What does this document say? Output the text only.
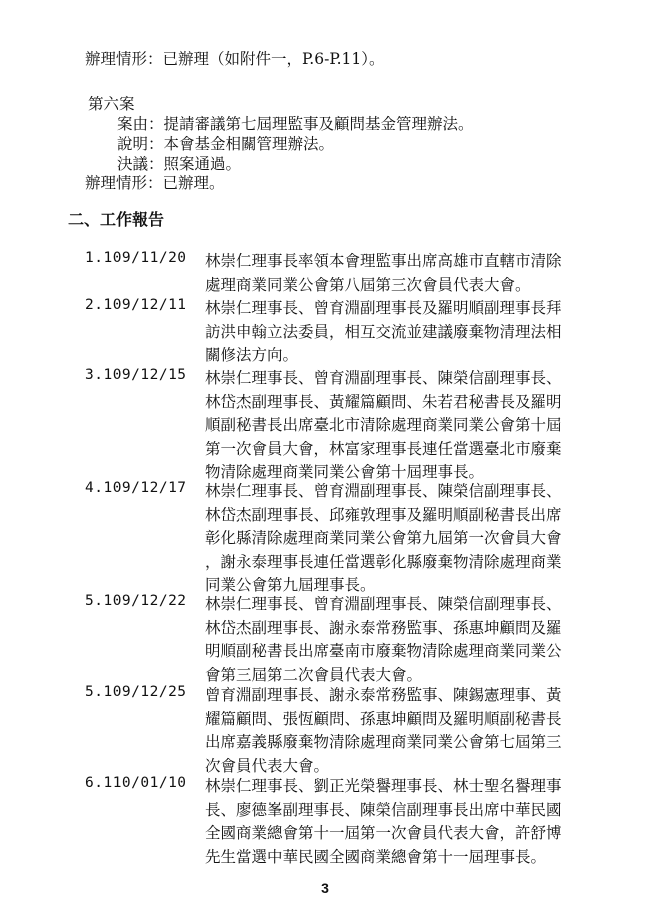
辦理情形：已辦理（如附件一，P.6-P.11）。
第六案
案由：提請審議第七屆理監事及顧問基金管理辦法。
說明：本會基金相關管理辦法。
決議：照案通過。
辦理情形：已辦理。
二、工作報告
1.109/11/20	林崇仁理事長率領本會理監事出席高雄市直轄市清除
處理商業同業公會第八屆第三次會員代表大會。
2.109/12/11	林崇仁理事長、曾育淵副理事長及羅明順副理事長拜
訪洪申翰立法委員，相互交流並建議廢棄物清理法相
關修法方向。
3.109/12/15	林崇仁理事長、曾育淵副理事長、陳榮信副理事長、
林岱杰副理事長、黃耀篇顧問、朱若君秘書長及羅明
順副秘書長出席臺北市清除處理商業同業公會第十屆
第一次會員大會，林富家理事長連任當選臺北市廢棄
物清除處理商業同業公會第十屆理事長。
4.109/12/17	林崇仁理事長、曾育淵副理事長、陳榮信副理事長、
林岱杰副理事長、邱雍敦理事及羅明順副秘書長出席
彰化縣清除處理商業同業公會第九屆第一次會員大會
，謝永泰理事長連任當選彰化縣廢棄物清除處理商業
同業公會第九屆理事長。
5.109/12/22	林崇仁理事長、曾育淵副理事長、陳榮信副理事長、
林岱杰副理事長、謝永泰常務監事、孫惠坤顧問及羅
明順副秘書長出席臺南市廢棄物清除處理商業同業公
會第三屆第二次會員代表大會。
5.109/12/25	曾育淵副理事長、謝永泰常務監事、陳錫憲理事、黃
耀篇顧問、張恆顧問、孫惠坤顧問及羅明順副秘書長
出席嘉義縣廢棄物清除處理商業同業公會第七屆第三
次會員代表大會。
6.110/01/10	林崇仁理事長、劉正光榮譽理事長、林士聖名譽理事
長、廖德峯副理事長、陳榮信副理事長出席中華民國
全國商業總會第十一屆第一次會員代表大會，許舒博
先生當選中華民國全國商業總會第十一屆理事長。
3
